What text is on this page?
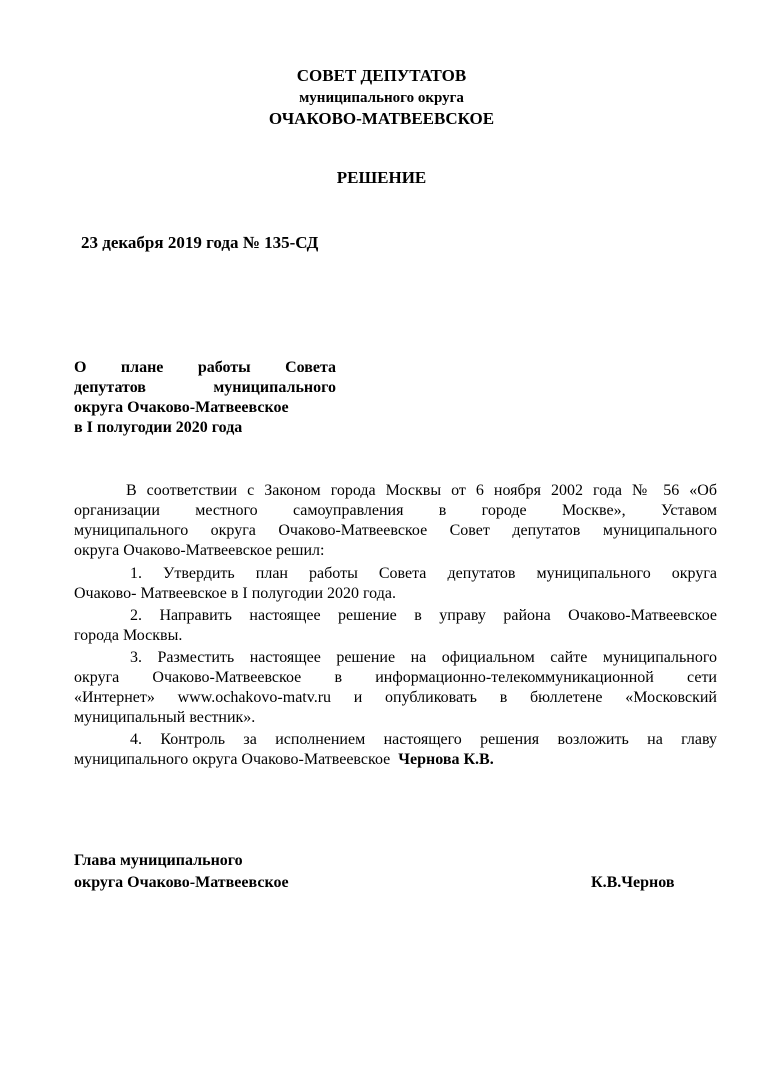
СОВЕТ ДЕПУТАТОВ
муниципального округа
ОЧАКОВО-МАТВЕЕВСКОЕ
РЕШЕНИЕ
23 декабря 2019 года № 135-СД
О плане работы Совета
депутатов	муниципального
округа Очаково-Матвеевское
в I полугодии 2020 года
В соответствии с Законом города Москвы от 6 ноября 2002 года № 56 «Об
организации местного самоуправления в городе Москве», Уставом
муниципального округа Очаково-Матвеевское Совет депутатов муниципального
округа Очаково-Матвеевское решил:
1. Утвердить план работы Совета депутатов муниципального округа
Очаково- Матвеевское в I полугодии 2020 года.
2. Направить настоящее решение в управу района Очаково-Матвеевское
города Москвы.
3. Разместить настоящее решение на официальном сайте муниципального
округа Очаково-Матвеевское в информационно-телекоммуникационной сети
«Интернет» www.ochakovo-matv.ru и опубликовать в бюллетене «Московский
муниципальный вестник».
4. Контроль за исполнением настоящего решения возложить на главу
муниципального округа Очаково-Матвеевское Чернова К.В.
Глава муниципального
округа Очаково-Матвеевское	К.В.Чернов
